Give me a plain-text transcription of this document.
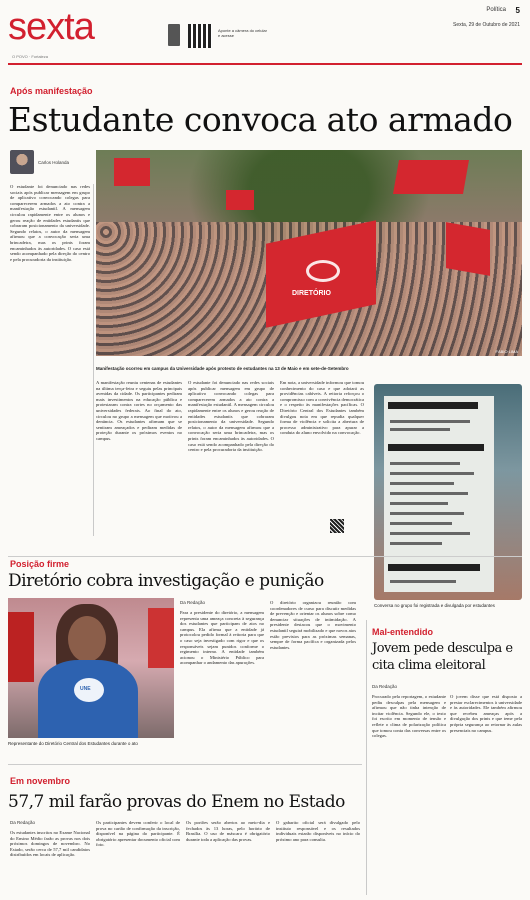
sexta
O POVO · Fortaleza
Aponte a câmera do celular e acesse
Política 5
Sexta, 29 de Outubro de 2021
Após manifestação
Estudante convoca ato armado
Carlos Holanda
DIRETÓRIO
FÁBIO LIMA
O estudante foi denunciado nas redes sociais após publicar mensagem em grupo de aplicativo convocando colegas para comparecerem armados a ato contra a manifestação estudantil. A mensagem circulou rapidamente entre os alunos e gerou reação de entidades estudantis que cobraram posicionamento da universidade. Segundo relatos, o autor da mensagem afirmou que a convocação seria uma brincadeira, mas os prints foram encaminhados às autoridades. O caso está sendo acompanhado pela direção do centro e pela procuradoria da instituição.
Manifestação ocorreu em campus da Universidade após protesto de estudantes na 13 de Maio e em sete-de-Setembro
A manifestação reuniu centenas de estudantes na última terça-feira e seguiu pelas principais avenidas da cidade. Os participantes pediram mais investimentos na educação pública e protestaram contra cortes no orçamento das universidades federais. Ao final do ato, circulou no grupo a mensagem que motivou a denúncia. Os estudantes afirmam que se sentiram ameaçados e pediram medidas de proteção durante os próximos eventos no campus.
O estudante foi denunciado nas redes sociais após publicar mensagem em grupo de aplicativo convocando colegas para comparecerem armados a ato contra a manifestação estudantil. A mensagem circulou rapidamente entre os alunos e gerou reação de entidades estudantis que cobraram posicionamento da universidade. Segundo relatos, o autor da mensagem afirmou que a convocação seria uma brincadeira, mas os prints foram encaminhados às autoridades. O caso está sendo acompanhado pela direção do centro e pela procuradoria da instituição.
Em nota, a universidade informou que tomou conhecimento do caso e que adotará as providências cabíveis. A reitoria reforçou o compromisso com a convivência democrática e o respeito às manifestações pacíficas. O Diretório Central dos Estudantes também divulgou nota em que repudia qualquer forma de violência e solicita a abertura de processo administrativo para apurar a conduta do aluno envolvido na convocação.
Conversa no grupo foi registrada e divulgada por estudantes
Posição firme
Diretório cobra investigação e punição
UNE
Representante do Diretório Central dos Estudantes durante o ato
Da Redação
Para a presidente do diretório, a mensagem representa uma ameaça concreta à segurança dos estudantes que participam de atos no campus. Ela afirma que a entidade já protocolou pedido formal à reitoria para que o caso seja investigado com rigor e que os responsáveis sejam punidos conforme o regimento interno. A entidade também acionou o Ministério Público para acompanhar o andamento das apurações.
O diretório organizou reunião com coordenadores de curso para discutir medidas de prevenção e orientar os alunos sobre como denunciar situações de intimidação. A presidente destacou que o movimento estudantil seguirá mobilizado e que novos atos estão previstos para as próximas semanas, sempre de forma pacífica e organizada pelos estudantes.
Mal-entendido
Jovem pede desculpa e cita clima eleitoral
Da Redação
Procurado pela reportagem, o estudante pediu desculpas pela mensagem e afirmou que não tinha intenção de incitar violência. Segundo ele, o texto foi escrito em momento de tensão e reflete o clima de polarização política que tomou conta das conversas entre os colegas.
O jovem disse que está disposto a prestar esclarecimentos à universidade e às autoridades. Ele também afirmou que recebeu ameaças após a divulgação dos prints e que teme pela própria segurança ao retornar às aulas presenciais no campus.
Em novembro
57,7 mil farão provas do Enem no Estado
Da Redação
Os estudantes inscritos no Exame Nacional do Ensino Médio farão as provas nos dois próximos domingos de novembro. No Estado, serão cerca de 57,7 mil candidatos distribuídos em locais de aplicação.
Os participantes devem conferir o local de prova no cartão de confirmação da inscrição, disponível na página do participante. É obrigatório apresentar documento oficial com foto.
Os portões serão abertos ao meio-dia e fechados às 13 horas, pelo horário de Brasília. O uso de máscara é obrigatório durante toda a aplicação das provas.
O gabarito oficial será divulgado pelo instituto responsável e os resultados individuais estarão disponíveis no início do próximo ano para consulta.
